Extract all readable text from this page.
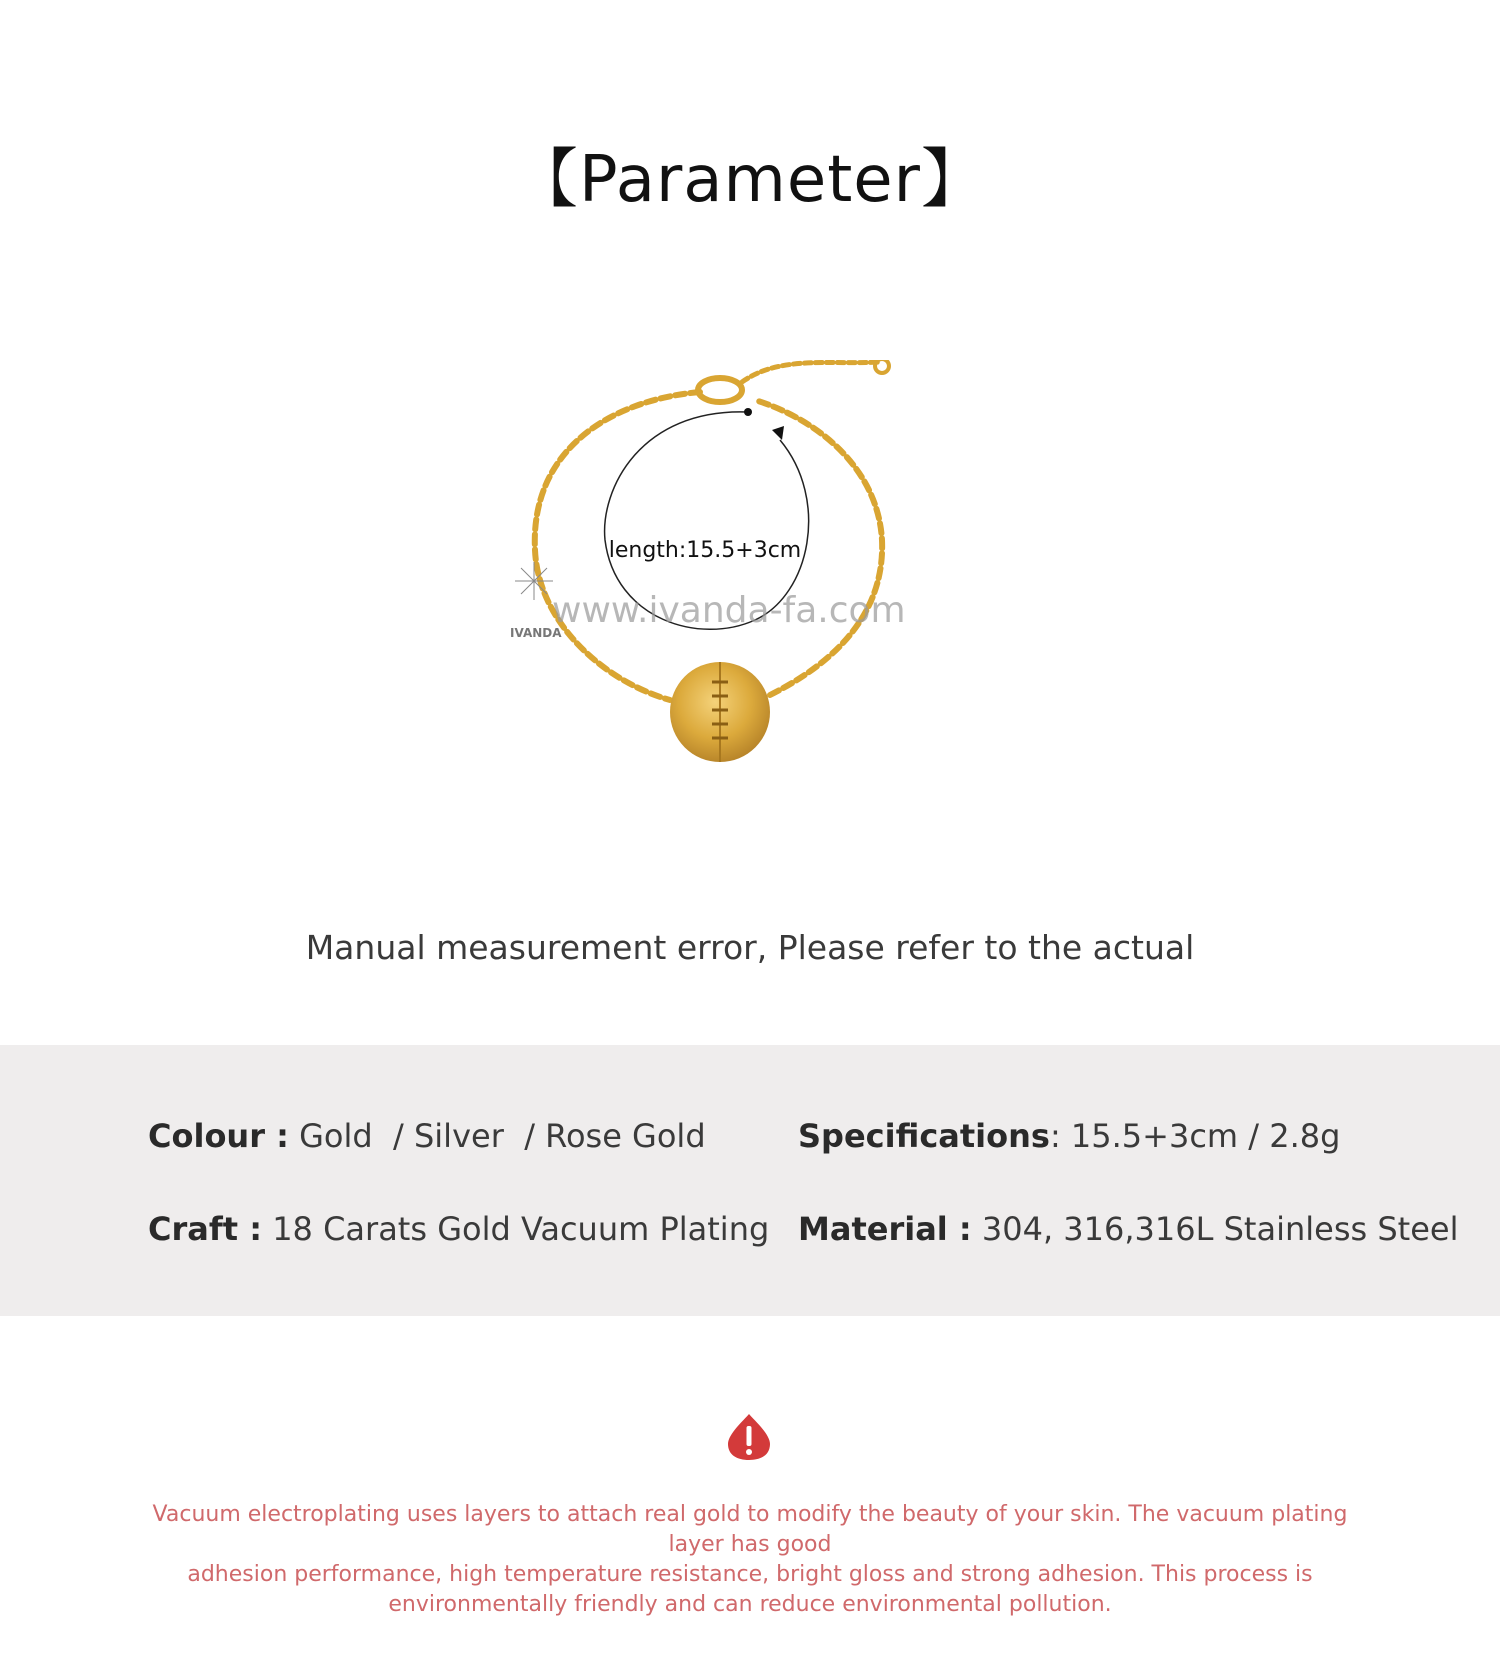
【Parameter】
length:15.5+3cm
www.ivanda-fa.com
IVANDA
Manual measurement error, Please refer to the actual
Colour : Gold  / Silver  / Rose Gold	Specifications: 15.5+3cm / 2.8g
Craft : 18 Carats Gold Vacuum Plating Material : 304, 316,316L Stainless Steel
Vacuum electroplating uses layers to attach real gold to modify the beauty of your skin. The vacuum plating layer has good
adhesion performance, high temperature resistance, bright gloss and strong adhesion. This process is
environmentally friendly and can reduce environmental pollution.
